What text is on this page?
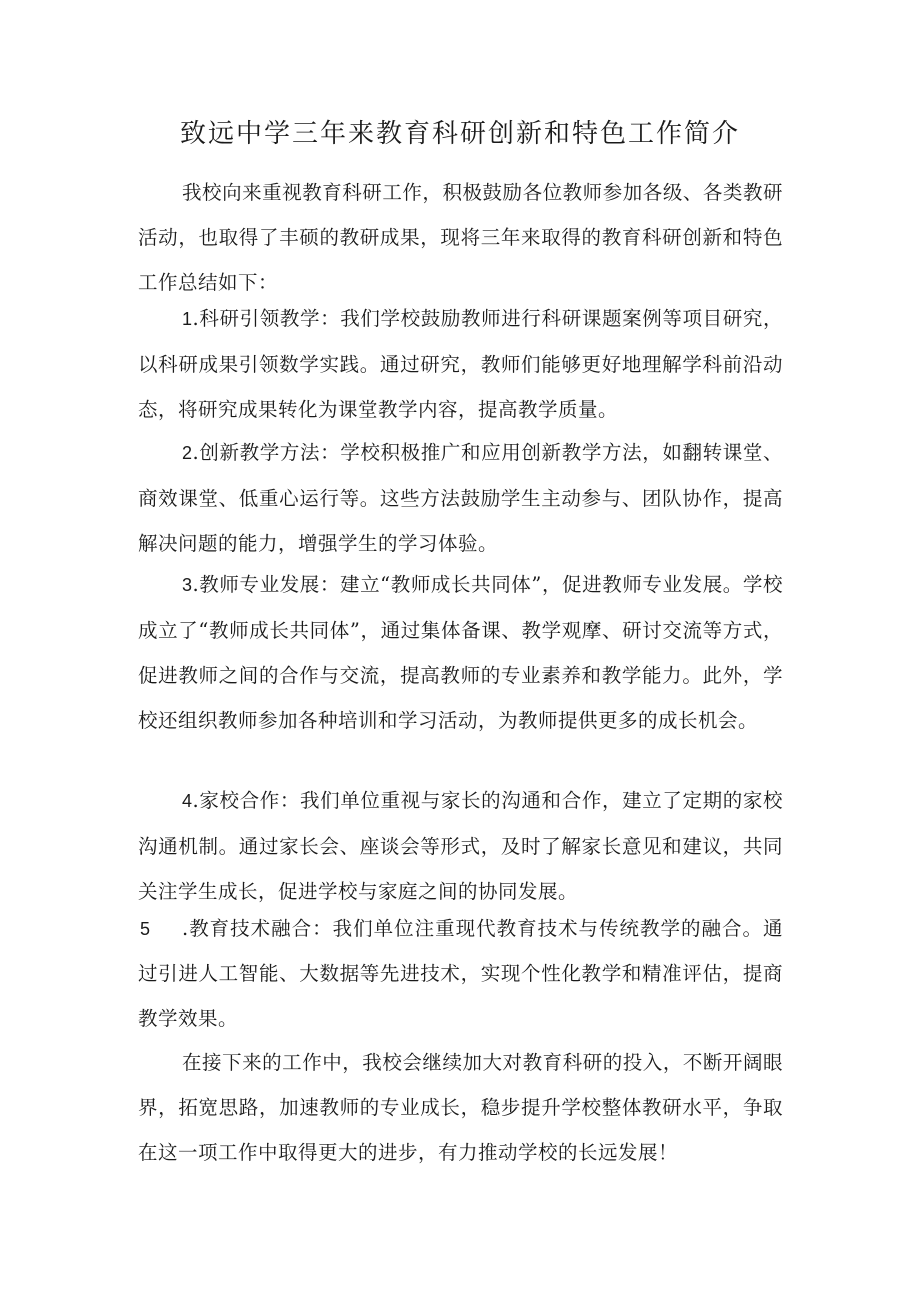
致远中学三年来教育科研创新和特色工作简介
我校向来重视教育科研工作，积极鼓励各位教师参加各级、各类教研活动，也取得了丰硕的教研成果，现将三年来取得的教育科研创新和特色工作总结如下：
1.科研引领教学：我们学校鼓励教师进行科研课题案例等项目研究，以科研成果引领数学实践。通过研究，教师们能够更好地理解学科前沿动态，将研究成果转化为课堂教学内容，提高教学质量。
2.创新教学方法：学校积极推广和应用创新教学方法，如翻转课堂、商效课堂、低重心运行等。这些方法鼓励学生主动参与、团队协作，提高解决问题的能力，增强学生的学习体验。
3.教师专业发展：建立“教师成长共同体”，促进教师专业发展。学校成立了“教师成长共同体”，通过集体备课、教学观摩、研讨交流等方式，促进教师之间的合作与交流，提高教师的专业素养和教学能力。此外，学校还组织教师参加各种培训和学习活动，为教师提供更多的成长机会。
4.家校合作：我们单位重视与家长的沟通和合作，建立了定期的家校沟通机制。通过家长会、座谈会等形式，及时了解家长意见和建议，共同关注学生成长，促进学校与家庭之间的协同发展。
5	.教育技术融合：我们单位注重现代教育技术与传统教学的融合。通过引进人工智能、大数据等先进技术，实现个性化教学和精准评估，提商教学效果。
在接下来的工作中，我校会继续加大对教育科研的投入，不断开阔眼界，拓宽思路，加速教师的专业成长，稳步提升学校整体教研水平，争取在这一项工作中取得更大的进步，有力推动学校的长远发展！
